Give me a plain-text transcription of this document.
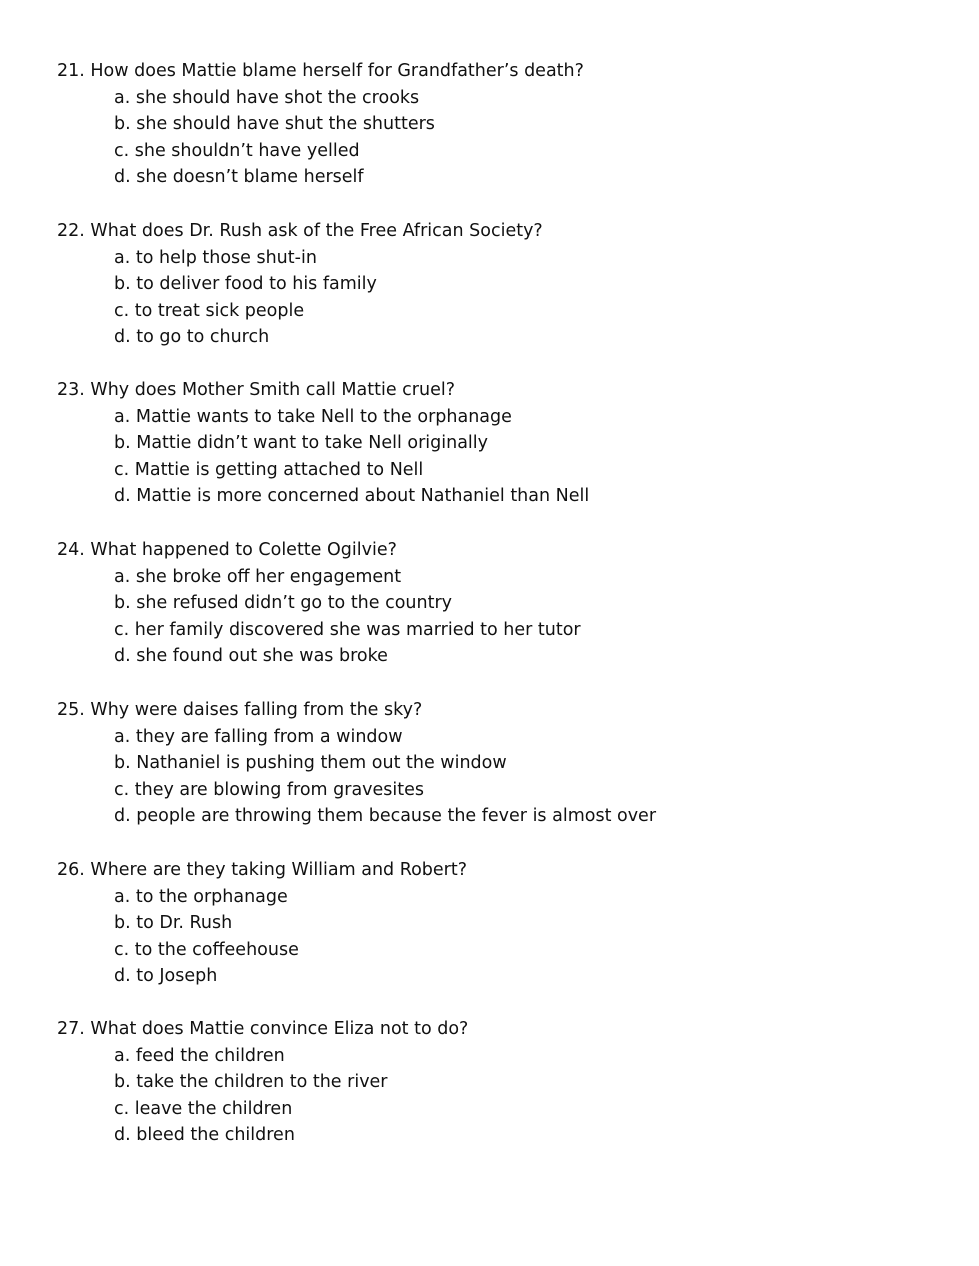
21. How does Mattie blame herself for Grandfather’s death?
a. she should have shot the crooks
b. she should have shut the shutters
c. she shouldn’t have yelled
d. she doesn’t blame herself
22. What does Dr. Rush ask of the Free African Society?
a. to help those shut-in
b. to deliver food to his family
c. to treat sick people
d. to go to church
23. Why does Mother Smith call Mattie cruel?
a. Mattie wants to take Nell to the orphanage
b. Mattie didn’t want to take Nell originally
c. Mattie is getting attached to Nell
d. Mattie is more concerned about Nathaniel than Nell
24. What happened to Colette Ogilvie?
a. she broke off her engagement
b. she refused didn’t go to the country
c. her family discovered she was married to her tutor
d. she found out she was broke
25. Why were daises falling from the sky?
a. they are falling from a window
b. Nathaniel is pushing them out the window
c. they are blowing from gravesites
d. people are throwing them because the fever is almost over
26. Where are they taking William and Robert?
a. to the orphanage
b. to Dr. Rush
c. to the coffeehouse
d. to Joseph
27. What does Mattie convince Eliza not to do?
a. feed the children
b. take the children to the river
c. leave the children
d. bleed the children
